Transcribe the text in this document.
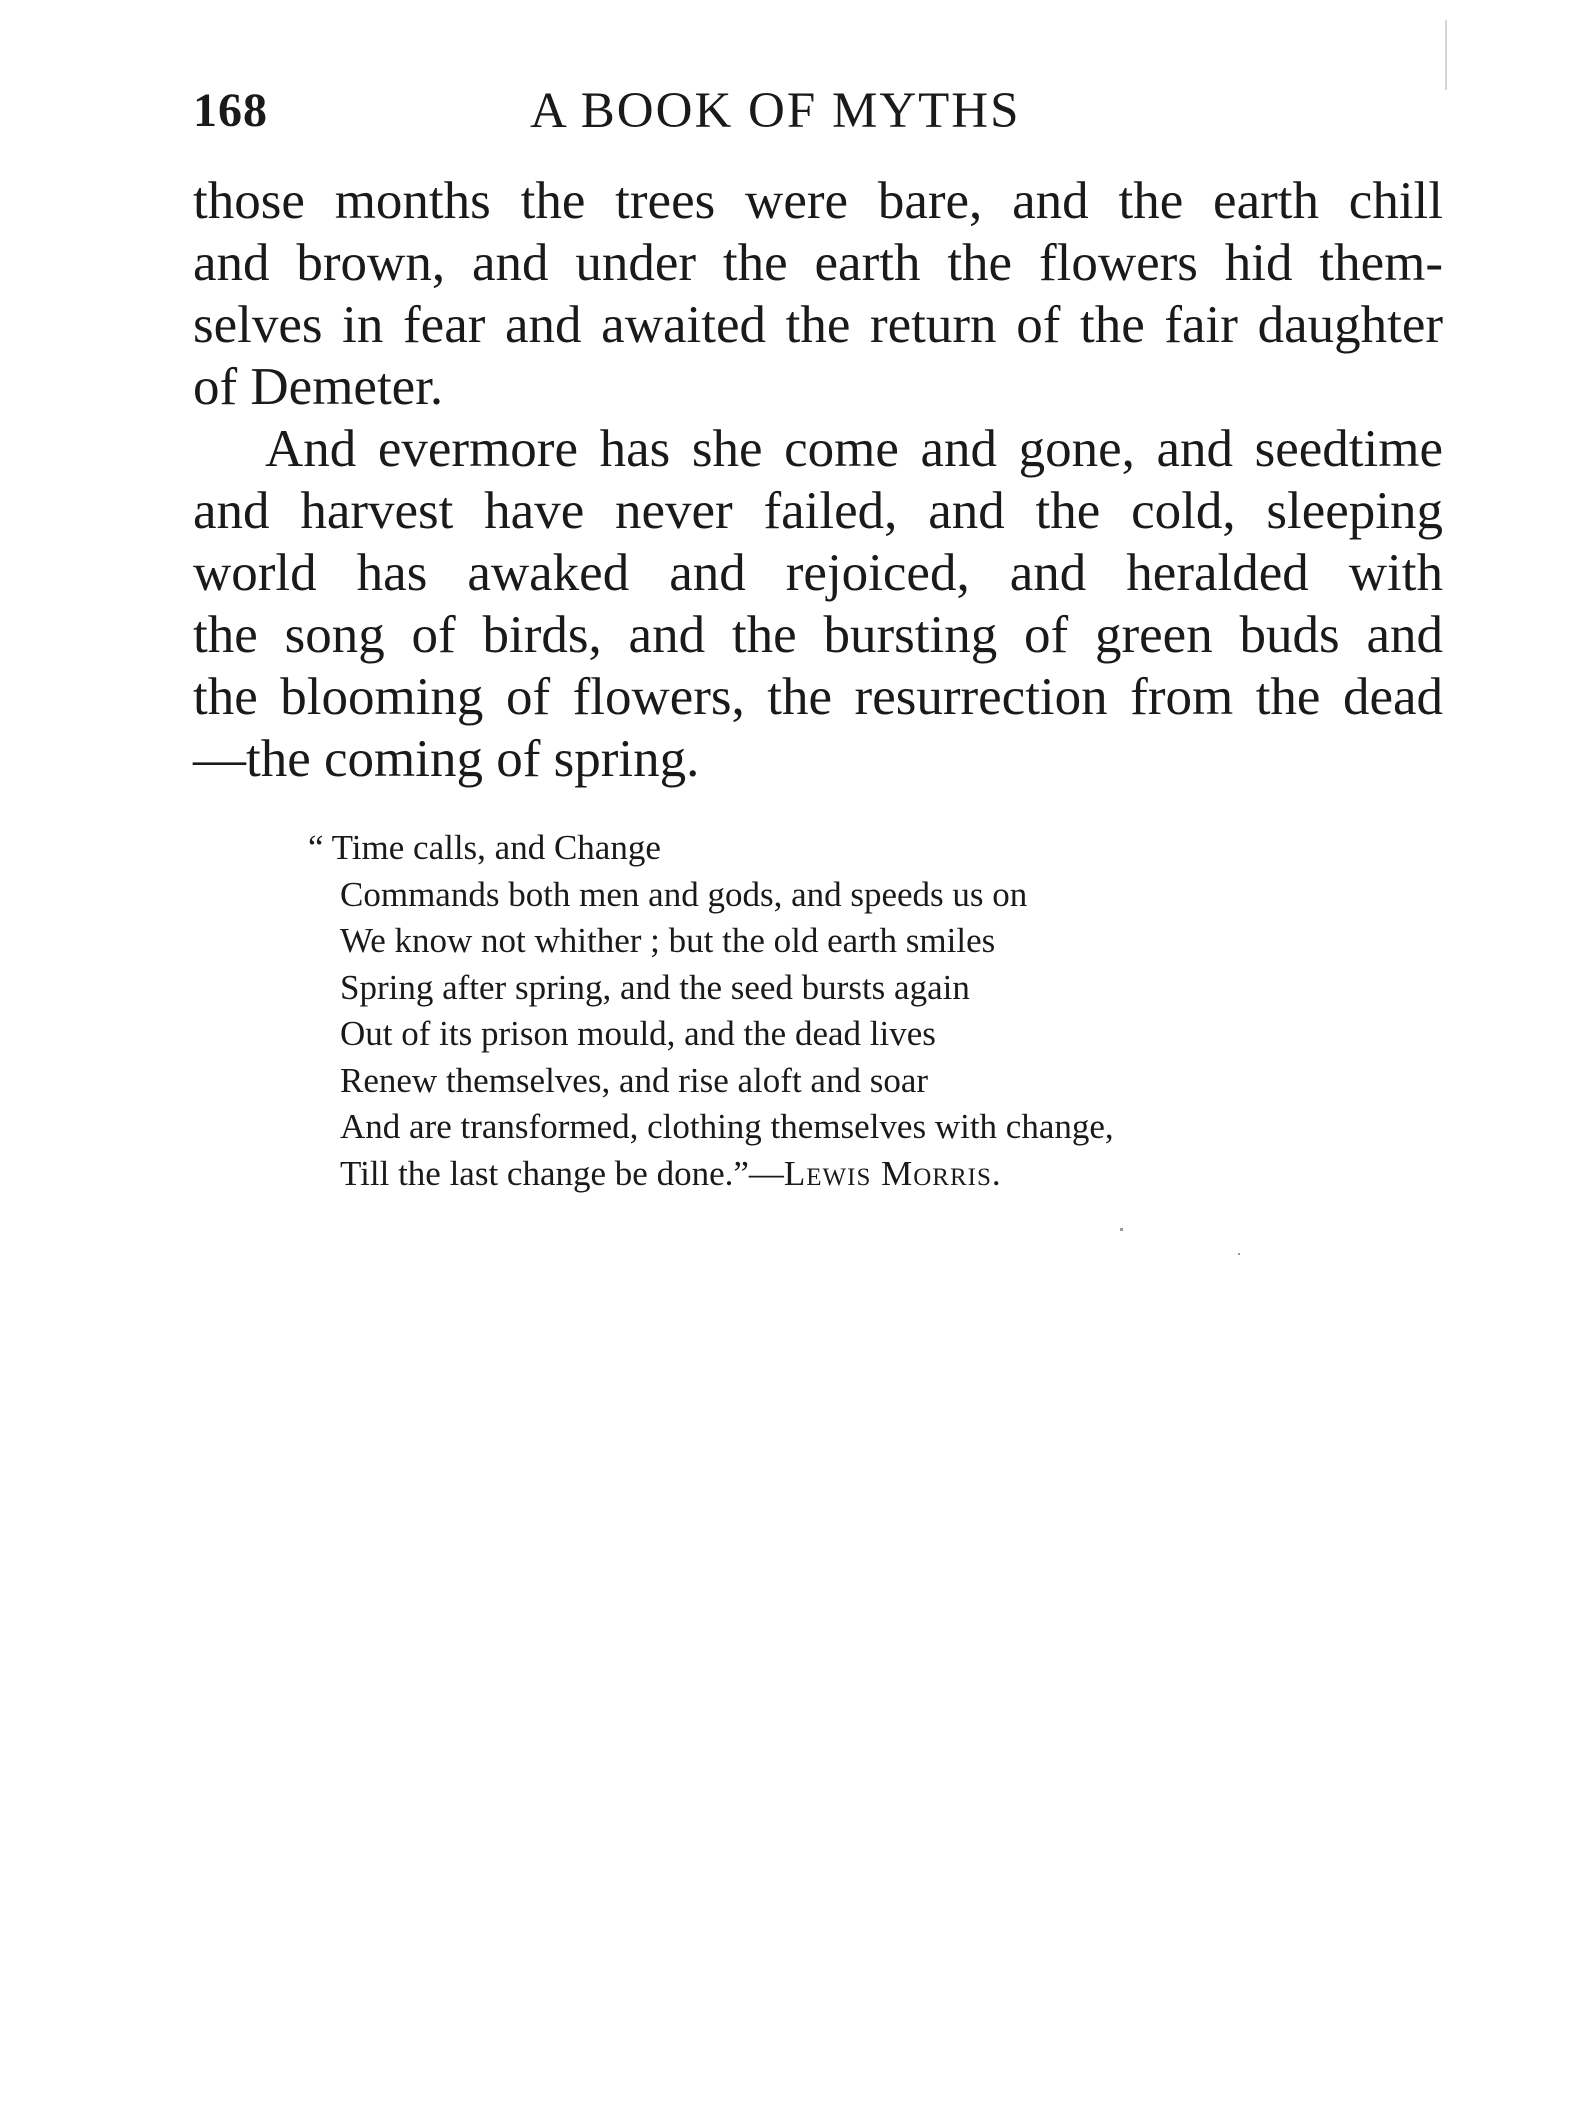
168	A BOOK OF MYTHS

those months the trees were bare, and the earth chill
and brown, and under the earth the flowers hid them-
selves in fear and awaited the return of the fair daughter
of Demeter.

And evermore has she come and gone, and seedtime
and harvest have never failed, and the cold, sleeping
world has awaked and rejoiced, and heralded with
the song of birds, and the bursting of green buds and
the blooming of flowers, the resurrection from the dead
—the coming of spring.

“ Time calls, and Change
Commands both men and gods, and speeds us on
We know not whither ; but the old earth smiles
Spring after spring, and the seed bursts again
Out of its prison mould, and the dead lives
Renew themselves, and rise aloft and soar
And are transformed, clothing themselves with change,
Till the last change be done.”—Lewis Morris.
